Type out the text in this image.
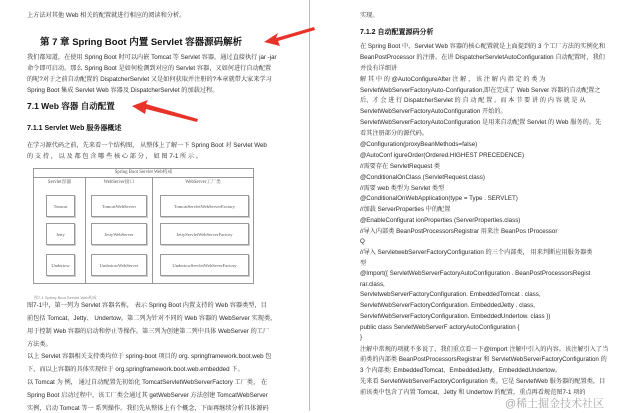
上方法对其他 Web 相关的配置就进行相应的阅读和分析。
第 7 章 Spring Boot 内置 Servlet 容器源码解析
我们都知道，在使用 Spring Boot 时可以内嵌 Tomcat 等 Servlet 容器，通过直接执行 jar -jar
命令即可启动。那么 Spring Boot 是如何检测到对应的 Servlet 容器，又如何进行自动配置
的呢?对于之前自动配置的 DispatcherServlet 又是如何获取并注册的?本章就带大家来学习
Spring Boot 集成 Servlet Web 容器及 DispatcherServlet 的加载过程。
7.1 Web 容器 自动配置
7.1.1 Servlet Web 服务器概述
在学习源代码之前，先来看一个结构图， 从整体上了解一下 Spring Boot 对 Servlet Web
的 支 持 ， 以 及 都 包 含 哪 些 核 心 部 分 ， 如 图 7-1 所 示 。
图7-1 Spring Boot Servlet Web构成
图7-1中，第一列为 Servlet 容器名称， 表示 Spring Boot 内置支持的 Web 容器类型，目
前包括 Tomcat、Jetty、 Undertow。第二列为针对不同的 Web 容器的 WebServer 实现类，
用于控制 Web 容器的启动和停止等操作。第三列为创建第二列中具体 WebServer 的工厂
方法类。
以上 Servlet 容器相关支持类均位于 spring-boot 项目的 org. springframework.boot.web 包
下，而以上容器的具体实现位于 org.springframework.boot.web.embedded 下。
以 Tomcat 为 例， 通过自动配置先初始化 TomcatServletWebServerFactory 工厂类， 在
Spring Boot 启动过程中，该工厂类会通过其 getWebServer 方法创建 TomcatWebServer
实例，启动 Tomcat 等一 系列操作。我们先从整体上有个概念，下面再继续分析具体源码
实现。
7.1.2 自动配置源码分析
在 Spring Boot 中，Servlet Web 容器的核心配置就是上面提到的 3 个工厂方法的实例化和
BeanPostProcessor 的注册。在讲 DispatcherServletAutoConfiguration 自动配置时，我们
并没有详细讲
解 其 中 的 @AutoConfigureAfter 注 解 ， 该 注 解 内 指 定 的 类 为
ServletWebServerFactoryAuto-Configuration,即在完成了 Web Server 容器的自动配置之
后，才 会 进 行 DispatcherServlet 的 自 动 配 置 。而 本 节 要 讲 的 内 容 就 是 从
ServletWebServerFactoryAutoConfiguration 开始的。
ServletWebServerFactoryAutoConfiguration 是用来自动配置 Servlet 的 Web 服务的。先
看其注册部分的源代码。
@Configuration(proxyBeanMethods=false)
@AutoConf igureOrder(Ordered.HIGHEST PRECEDENCE)
//需要存在 ServletRequest 类
@ConditionalOnClass (ServletRequest.class)
//需要 web 类型为 Servlet 类型
@ConditionalOnWebApplication(type = Type . SERVLET)
//加载 ServerProperties 中的配置
@EnableConfigurat ionProperties (ServerProperties.class)
//导入内部类 BeanPostProcessorsRegistrar 用来注 BeanPos tProcessor
Q
//导入 ServletwebServerFactoryConfiguration 的三个内部类， 用来判断应用服务器类
型
@Import({ ServletWebServerFactoryAutoConfiguration . BeanPostProcessorsRegist
rar.class,
ServletwebServerFactoryConfiguration. EmbeddedTomcat . class,
ServletWebServerFactoryConfiguration. EmbeddedJetty . class,
ServletWebServerFactoryConfiguration. EmbeddedUndertow. class })
public class ServletWebServerF actoryAutoConfiguration {
}
注解中常规的项就不多说了，我们重点看一下@Import 注解中引入的内容。该注解引入了当
前类的内部类 BeanPostProcessorsRegistrar 和 ServletWebServerFactoryConfiguration 的
3 个内部类: EmbeddedTomcat、EmbeddedJetty、EmbeddedUndertow。
先来看 ServletWebServerFactoryConfiguration 类。它是 ServletWeb 服务器的配置类，目
前该类中包含了内置 Tomcat、Jetty 和 Undertow 的配置，重点再看规范图7-1 项的
Spring Boot Servlet Web构成
Servlet容器	WebServer接口	WebServer工厂类
Tomcat
Jetty
Undertow
TomcatWebServer
JettyWebServer
UndertowWebServer
TomcatServletWebServerFactory
JettyServletWebServerFactory
UndertowServletWebSeverFactory
@稀土掘金技术社区
